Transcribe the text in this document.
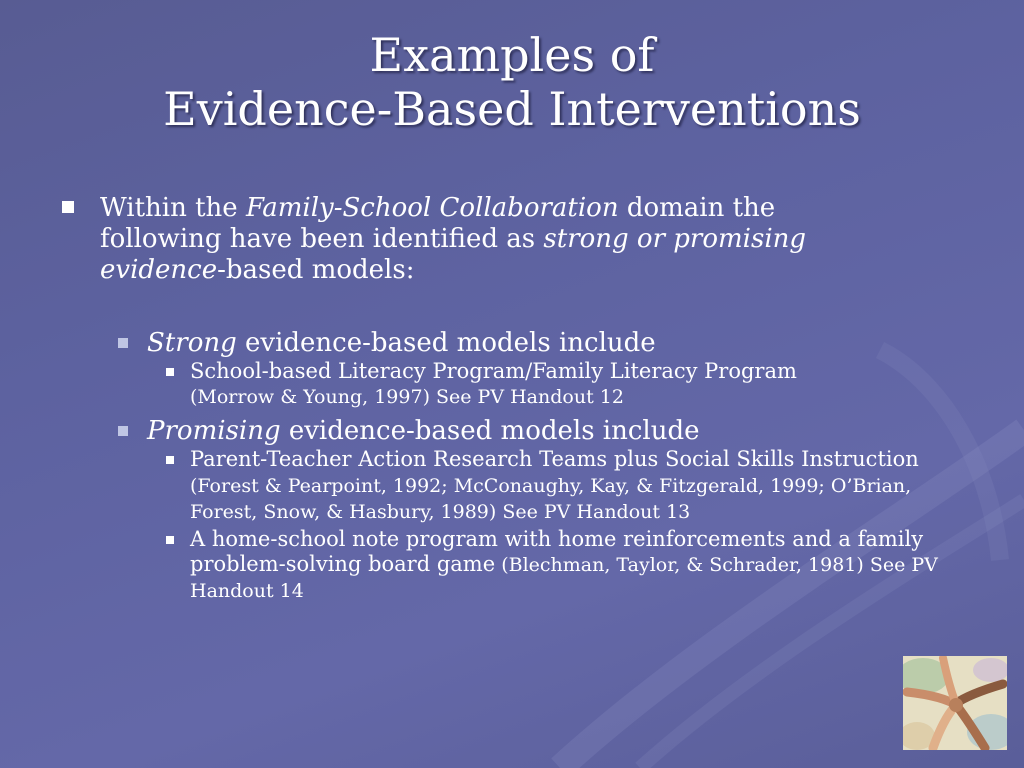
Examples of
Evidence-Based Interventions
Within the Family-School Collaboration domain the following have been identified as strong or promising evidence-based models:
Strong evidence-based models include
School-based Literacy Program/Family Literacy Program
(Morrow & Young, 1997) See PV Handout 12
Promising evidence-based models include
Parent-Teacher Action Research Teams plus Social Skills Instruction (Forest & Pearpoint, 1992; McConaughy, Kay, & Fitzgerald, 1999; O’Brian, Forest, Snow, & Hasbury, 1989) See PV Handout 13
A home-school note program with home reinforcements and a family problem-solving board game (Blechman, Taylor, & Schrader, 1981) See PV Handout 14
